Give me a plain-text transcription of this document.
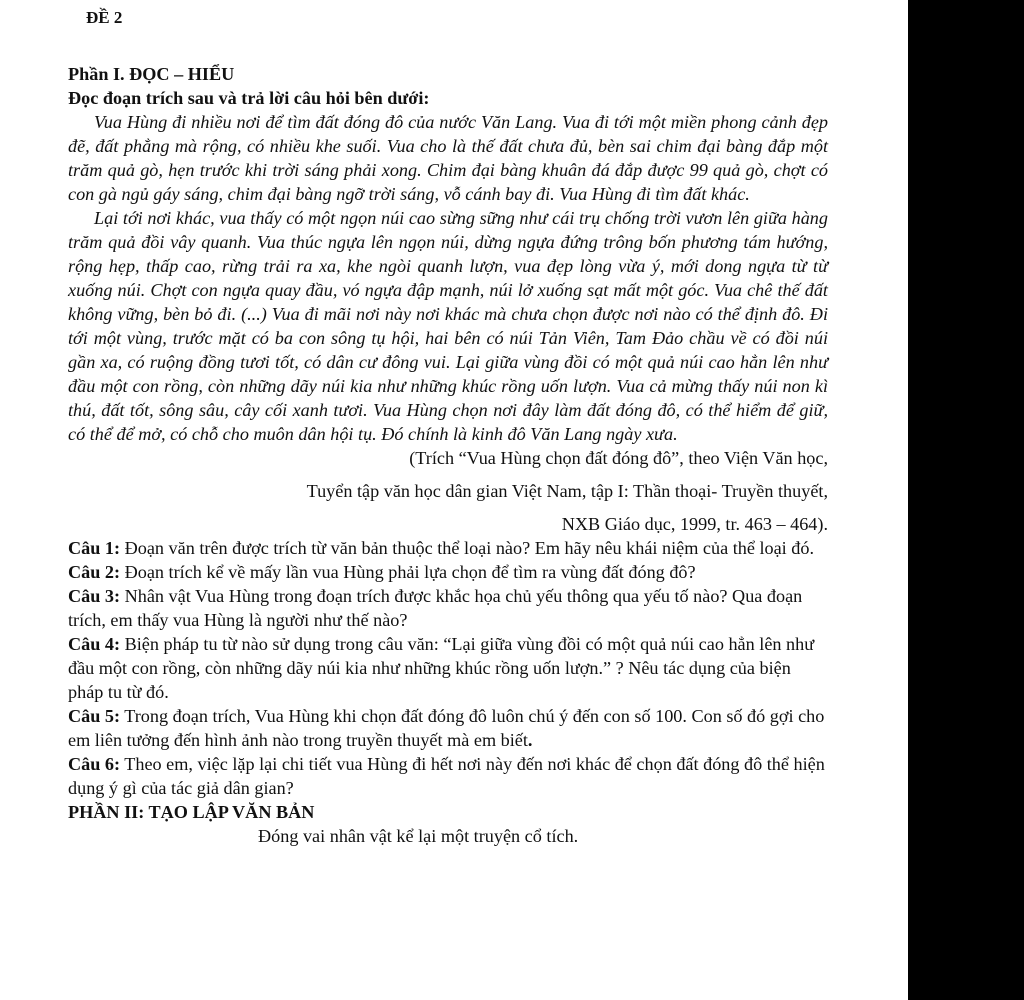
ĐỀ 2

Phần I. ĐỌC – HIỂU

Đọc đoạn trích sau và trả lời câu hỏi bên dưới:

Vua Hùng đi nhiều nơi để tìm đất đóng đô của nước Văn Lang. Vua đi tới một miền phong cảnh đẹp đẽ, đất phẳng mà rộng, có nhiều khe suối. Vua cho là thế đất chưa đủ, bèn sai chim đại bàng đắp một trăm quả gò, hẹn trước khi trời sáng phải xong. Chim đại bàng khuân đá đắp được 99 quả gò, chợt có con gà ngủ gáy sáng, chim đại bàng ngỡ trời sáng, vỗ cánh bay đi. Vua Hùng đi tìm đất khác.

Lại tới nơi khác, vua thấy có một ngọn núi cao sừng sững như cái trụ chống trời vươn lên giữa hàng trăm quả đồi vây quanh. Vua thúc ngựa lên ngọn núi, dừng ngựa đứng trông bốn phương tám hướng, rộng hẹp, thấp cao, rừng trải ra xa, khe ngòi quanh lượn, vua đẹp lòng vừa ý, mới dong ngựa từ từ xuống núi. Chợt con ngựa quay đầu, vó ngựa đập mạnh, núi lở xuống sạt mất một góc. Vua chê thế đất không vững, bèn bỏ đi. (...) Vua đi mãi nơi này nơi khác mà chưa chọn được nơi nào có thể định đô. Đi tới một vùng, trước mặt có ba con sông tụ hội, hai bên có núi Tản Viên, Tam Đảo chầu về có đồi núi gần xa, có ruộng đồng tươi tốt, có dân cư đông vui. Lại giữa vùng đồi có một quả núi cao hẳn lên như đầu một con rồng, còn những dãy núi kia như những khúc rồng uốn lượn. Vua cả mừng thấy núi non kì thú, đất tốt, sông sâu, cây cối xanh tươi. Vua Hùng chọn nơi đây làm đất đóng đô, có thể hiểm để giữ, có thể để mở, có chỗ cho muôn dân hội tụ. Đó chính là kinh đô Văn Lang ngày xưa.

(Trích “Vua Hùng chọn đất đóng đô”, theo Viện Văn học,
Tuyển tập văn học dân gian Việt Nam, tập I: Thần thoại- Truyền thuyết,
NXB Giáo dục, 1999, tr. 463 – 464).

Câu 1: Đoạn văn trên được trích từ văn bản thuộc thể loại nào? Em hãy nêu khái niệm của thể loại đó.

Câu 2: Đoạn trích kể về mấy lần vua Hùng phải lựa chọn để tìm ra vùng đất đóng đô?

Câu 3: Nhân vật Vua Hùng trong đoạn trích được khắc họa chủ yếu thông qua yếu tố nào? Qua đoạn trích, em thấy vua Hùng là người như thế nào?

Câu 4: Biện pháp tu từ nào sử dụng trong câu văn: “Lại giữa vùng đồi có một quả núi cao hẳn lên như đầu một con rồng, còn những dãy núi kia như những khúc rồng uốn lượn.” ? Nêu tác dụng của biện pháp tu từ đó.

Câu 5: Trong đoạn trích, Vua Hùng khi chọn đất đóng đô luôn chú ý đến con số 100. Con số đó gợi cho em liên tưởng đến hình ảnh nào trong truyền thuyết mà em biết.

Câu 6: Theo em, việc lặp lại chi tiết vua Hùng đi hết nơi này đến nơi khác để chọn đất đóng đô thể hiện dụng ý gì của tác giả dân gian?

PHẦN II: TẠO LẬP VĂN BẢN

Đóng vai nhân vật kể lại một truyện cổ tích.
